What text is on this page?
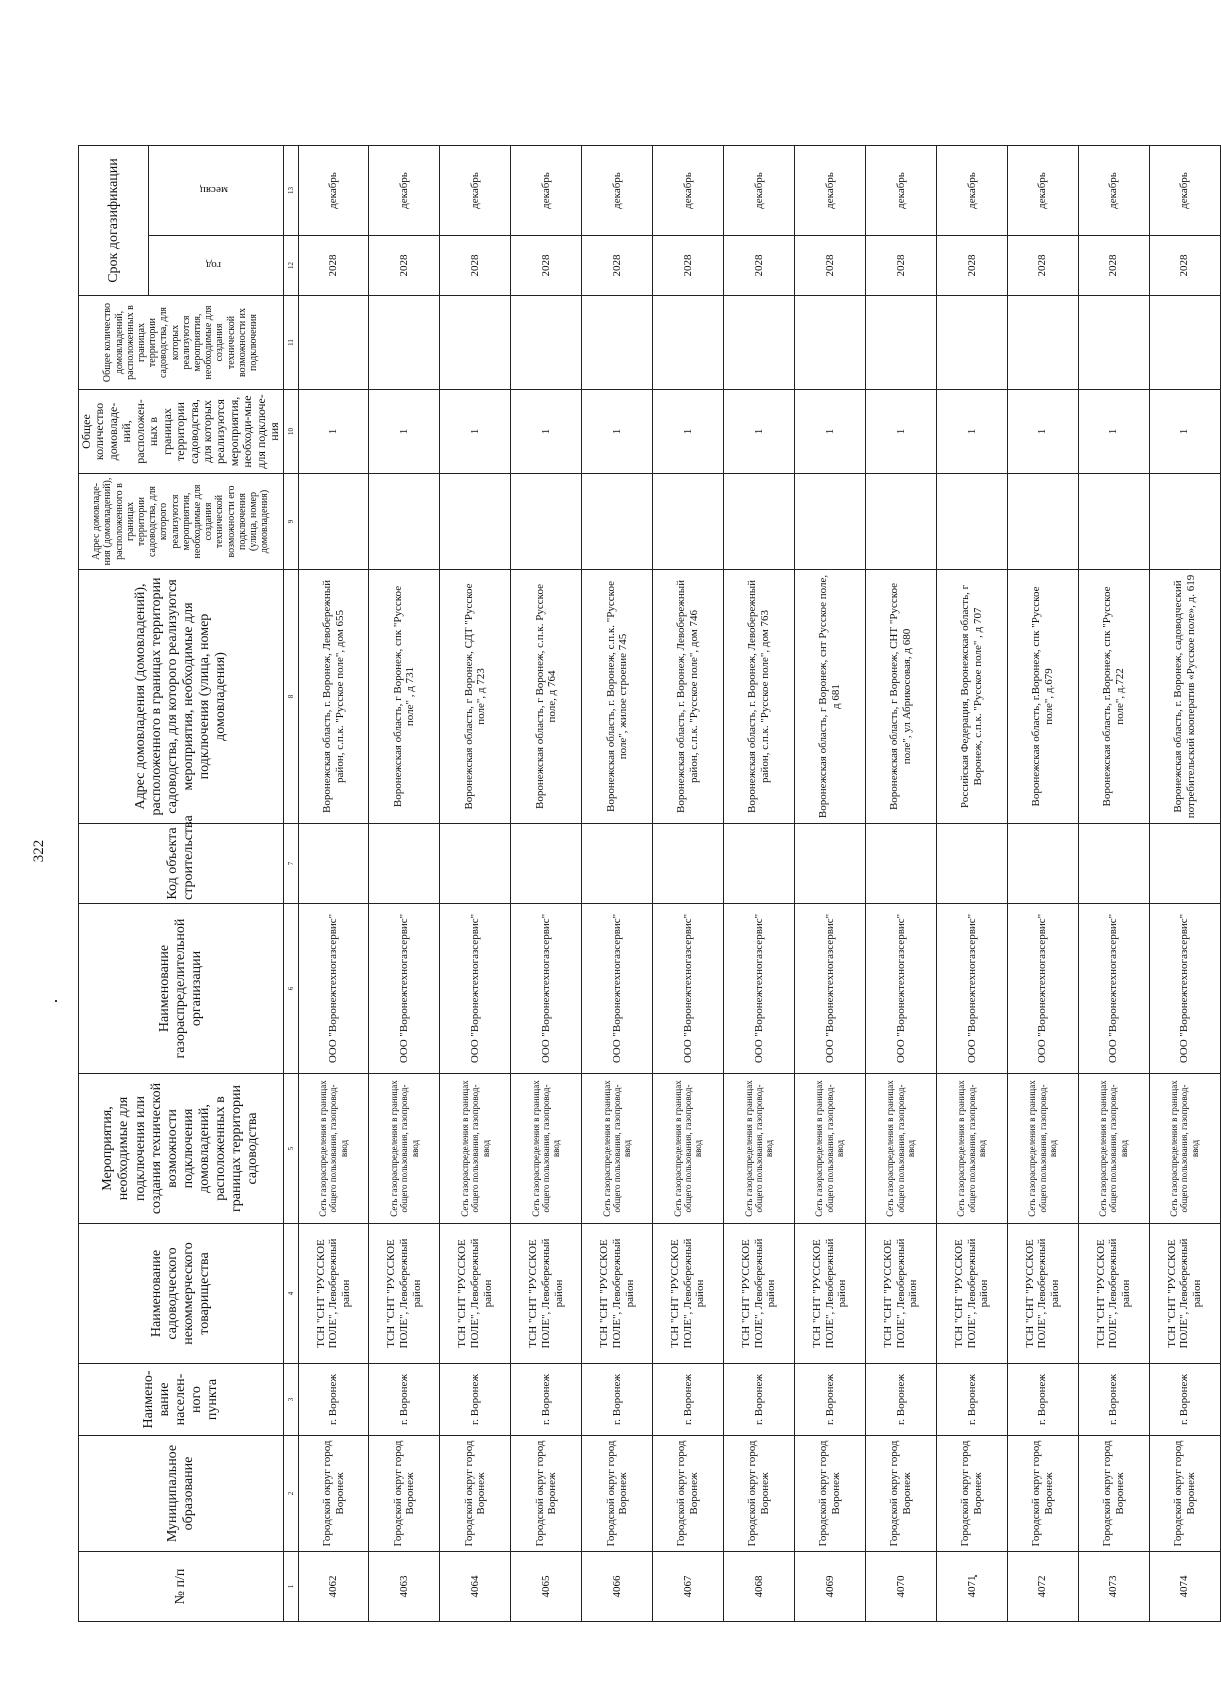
322
№ п/п	Муниципальное образование	Наимено-вание населен-ного пункта	Наименование садоводческого некоммерческого товарищества	Мероприятия, необходимые для подключения или создания технической возможности подключения домовладений, расположенных в границах территории садоводства	Наименование газораспределительной организации	Код объекта строительства	Адрес домовладения (домовладений), расположенного в границах территории садоводства, для которого реализуются мероприятия, необходимые для подключения (улица, номер домовладения)	Адрес домовладе-ния (домовладений), расположенного в границах территории садоводства, для которого реализуются мероприятия, необходимые для создания технической возможности его подключения (улица, номер домовладения)	Общее количество домовладе-ний, расположен-ных в границах территории садоводства, для которых реализуются мероприятия, необходи-мые для подключе-ния	Общее количество домовладений, расположенных в границах территории садоводства, для которых реализуются мероприятия, необходимые для создания технической возможности их подключения	Срок догазификации	
											год	месяц
1	2	3	4	5	6	7	8	9	10	11	12	13
4062	Городской округ город Воронеж	г. Воронеж	ТСН "СНТ "РУССКОЕ ПОЛЕ", Левобережный район	Сеть газораспределения в границах общего пользования, газопровод-ввод	ООО "Воронежтехногазсервис"		Воронежская область, г. Воронеж, Левобережный район, с.п.к. "Русское поле", дом 655		1		2028	декабрь
4063	Городской округ город Воронеж	г. Воронеж	ТСН "СНТ "РУССКОЕ ПОЛЕ", Левобережный район	Сеть газораспределения в границах общего пользования, газопровод-ввод	ООО "Воронежтехногазсервис"		Воронежская область, г Воронеж, спк "Русское поле" , д 731		1		2028	декабрь
4064	Городской округ город Воронеж	г. Воронеж	ТСН "СНТ "РУССКОЕ ПОЛЕ", Левобережный район	Сеть газораспределения в границах общего пользования, газопровод-ввод	ООО "Воронежтехногазсервис"		Воронежская область, г Воронеж, СДТ "Русское поле", д 723		1		2028	декабрь
4065	Городской округ город Воронеж	г. Воронеж	ТСН "СНТ "РУССКОЕ ПОЛЕ", Левобережный район	Сеть газораспределения в границах общего пользования, газопровод-ввод	ООО "Воронежтехногазсервис"		Воронежская область, г Воронеж, с.п.к. Русское поле, д 764		1		2028	декабрь
4066	Городской округ город Воронеж	г. Воронеж	ТСН "СНТ "РУССКОЕ ПОЛЕ", Левобережный район	Сеть газораспределения в границах общего пользования, газопровод-ввод	ООО "Воронежтехногазсервис"		Воронежская область, г. Воронеж, с.п.к. "Русское поле", жилое строение 745		1		2028	декабрь
4067	Городской округ город Воронеж	г. Воронеж	ТСН "СНТ "РУССКОЕ ПОЛЕ", Левобережный район	Сеть газораспределения в границах общего пользования, газопровод-ввод	ООО "Воронежтехногазсервис"		Воронежская область, г. Воронеж, Левобережный район, с.п.к. "Русское поле", дом 746		1		2028	декабрь
4068	Городской округ город Воронеж	г. Воронеж	ТСН "СНТ "РУССКОЕ ПОЛЕ", Левобережный район	Сеть газораспределения в границах общего пользования, газопровод-ввод	ООО "Воронежтехногазсервис"		Воронежская область, г. Воронеж, Левобережный район, с.п.к. "Русское поле", дом 763		1		2028	декабрь
4069	Городской округ город Воронеж	г. Воронеж	ТСН "СНТ "РУССКОЕ ПОЛЕ", Левобережный район	Сеть газораспределения в границах общего пользования, газопровод-ввод	ООО "Воронежтехногазсервис"		Воронежская область, г Воронеж, снт Русское поле, д 681		1		2028	декабрь
4070	Городской округ город Воронеж	г. Воронеж	ТСН "СНТ "РУССКОЕ ПОЛЕ", Левобережный район	Сеть газораспределения в границах общего пользования, газопровод-ввод	ООО "Воронежтехногазсервис"		Воронежская область, г Воронеж, СНТ "Русское поле", ул Абрикосовая, д 680		1		2028	декабрь
4071	Городской округ город Воронеж	г. Воронеж	ТСН "СНТ "РУССКОЕ ПОЛЕ", Левобережный район	Сеть газораспределения в границах общего пользования, газопровод-ввод	ООО "Воронежтехногазсервис"		Российская Федерация, Воронежская область, г Воронеж, с.п.к. "Русское поле" , д 707		1		2028	декабрь
4072	Городской округ город Воронеж	г. Воронеж	ТСН "СНТ "РУССКОЕ ПОЛЕ", Левобережный район	Сеть газораспределения в границах общего пользования, газопровод-ввод	ООО "Воронежтехногазсервис"		Воронежская область, г.Воронеж, спк "Русское поле", д.679		1		2028	декабрь
4073	Городской округ город Воронеж	г. Воронеж	ТСН "СНТ "РУССКОЕ ПОЛЕ", Левобережный район	Сеть газораспределения в границах общего пользования, газопровод-ввод	ООО "Воронежтехногазсервис"		Воронежская область, г.Воронеж, спк "Русское поле", д.722		1		2028	декабрь
4074	Городской округ город Воронеж	г. Воронеж	ТСН "СНТ "РУССКОЕ ПОЛЕ", Левобережный район	Сеть газораспределения в границах общего пользования, газопровод-ввод	ООО "Воронежтехногазсервис"		Воронежская область, г. Воронеж, садоводческий потребительский кооператив «Русское поле», д. 619		1		2028	декабрь
